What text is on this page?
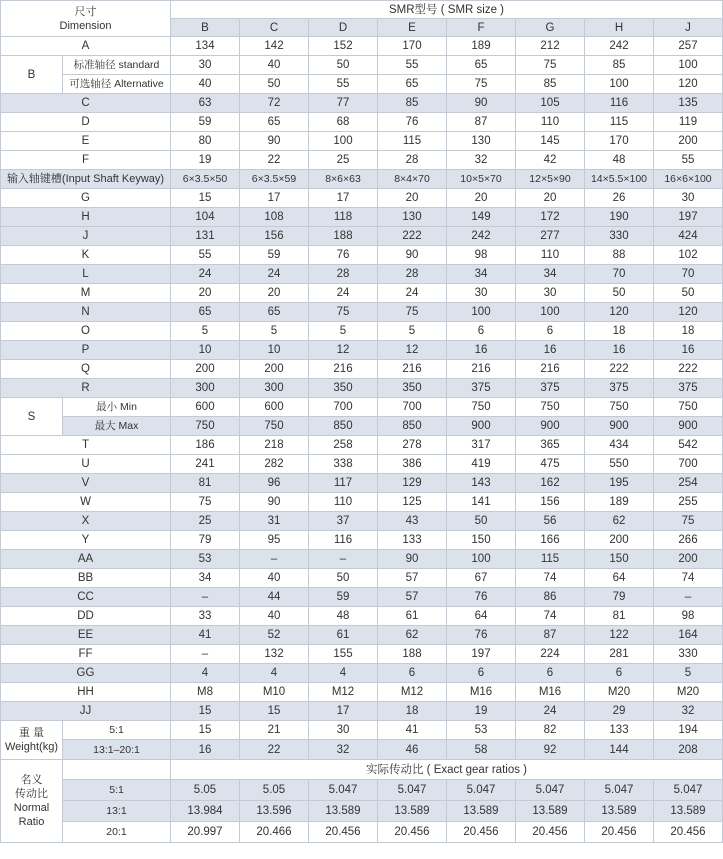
尺寸
Dimension		SMR型号 ( SMR size )							
		B	C	D	E	F	G	H	J
A		134	142	152	170	189	212	242	257
B	标准轴径 standard	30	40	50	55	65	75	85	100
	可选轴径 Alternative	40	50	55	65	75	85	100	120
C		63	72	77	85	90	105	116	135
D		59	65	68	76	87	110	115	119
E		80	90	100	115	130	145	170	200
F		19	22	25	28	32	42	48	55
输入轴键槽(Input Shaft Keyway)		6×3.5×50	6×3.5×59	8×6×63	8×4×70	10×5×70	12×5×90	14×5.5×100	16×6×100
G		15	17	17	20	20	20	26	30
H		104	108	118	130	149	172	190	197
J		131	156	188	222	242	277	330	424
K		55	59	76	90	98	110	88	102
L		24	24	28	28	34	34	70	70
M		20	20	24	24	30	30	50	50
N		65	65	75	75	100	100	120	120
O		5	5	5	5	6	6	18	18
P		10	10	12	12	16	16	16	16
Q		200	200	216	216	216	216	222	222
R		300	300	350	350	375	375	375	375
S	最小 Min	600	600	700	700	750	750	750	750
	最大 Max	750	750	850	850	900	900	900	900
T		186	218	258	278	317	365	434	542
U		241	282	338	386	419	475	550	700
V		81	96	117	129	143	162	195	254
W		75	90	110	125	141	156	189	255
X		25	31	37	43	50	56	62	75
Y		79	95	116	133	150	166	200	266
AA		53	–	–	90	100	115	150	200
BB		34	40	50	57	67	74	64	74
CC		–	44	59	57	76	86	79	–
DD		33	40	48	61	64	74	81	98
EE		41	52	61	62	76	87	122	164
FF		–	132	155	188	197	224	281	330
GG		4	4	4	6	6	6	6	5
HH		M8	M10	M12	M12	M16	M16	M20	M20
JJ		15	15	17	18	19	24	29	32

重 量
Weight(kg)	5:1	15	21	30	41	53	82	133	194
	13:1–20:1	16	22	32	46	58	92	144	208

名义
传动比
Normal
Ratio		实际传动比 ( Exact gear ratios )							
	5:1	5.05	5.05	5.047	5.047	5.047	5.047	5.047	5.047
	13:1	13.984	13.596	13.589	13.589	13.589	13.589	13.589	13.589
	20:1	20.997	20.466	20.456	20.456	20.456	20.456	20.456	20.456
